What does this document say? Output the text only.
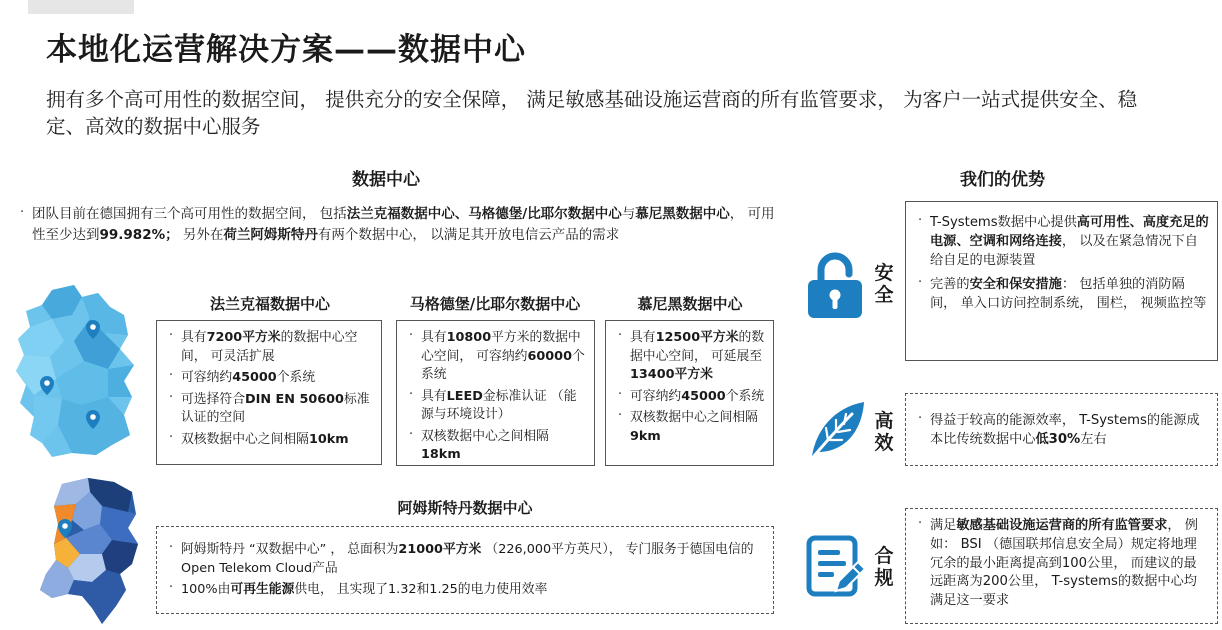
本地化运营解决方案——数据中心
拥有多个高可用性的数据空间， 提供充分的安全保障， 满足敏感基础设施运营商的所有监管要求， 为客户一站式提供安全、稳定、高效的数据中心服务
数据中心
. 团队目前在德国拥有三个高可用性的数据空间， 包括法兰克福数据中心、马格德堡/比耶尔数据中心与慕尼黑数据中心， 可用性至少达到99.982%； 另外在荷兰阿姆斯特丹有两个数据中心， 以满足其开放电信云产品的需求
法兰克福数据中心
. 具有7200平方米的数据中心空间， 可灵活扩展
. 可容纳约45000个系统
. 可选择符合DIN EN 50600标准认证的空间
. 双核数据中心之间相隔10km
马格德堡/比耶尔数据中心
. 具有10800平方米的数据中心空间， 可容纳约60000个系统
. 具有LEED金标准认证 （能源与环境设计）
. 双核数据中心之间相隔18km
慕尼黑数据中心
. 具有12500平方米的数据中心空间， 可延展至13400平方米
. 可容纳约45000个系统
. 双核数据中心之间相隔9km
阿姆斯特丹数据中心
. 阿姆斯特丹 “双数据中心” ， 总面积为21000平方米 （226,000平方英尺）， 专门服务于德国电信的Open Telekom Cloud产品
. 100%由可再生能源供电， 且实现了1.32和1.25的电力使用效率
我们的优势
安
全
. T-Systems数据中心提供高可用性、高度充足的电源、空调和网络连接， 以及在紧急情况下自给自足的电源装置
. 完善的安全和保安措施： 包括单独的消防隔间， 单入口访问控制系统， 围栏， 视频监控等
高
效
. 得益于较高的能源效率， T-Systems的能源成本比传统数据中心低30%左右
合
规
. 满足敏感基础设施运营商的所有监管要求， 例如： BSI （德国联邦信息安全局）规定将地理冗余的最小距离提高到100公里， 而建议的最远距离为200公里， T-systems的数据中心均满足这一要求
